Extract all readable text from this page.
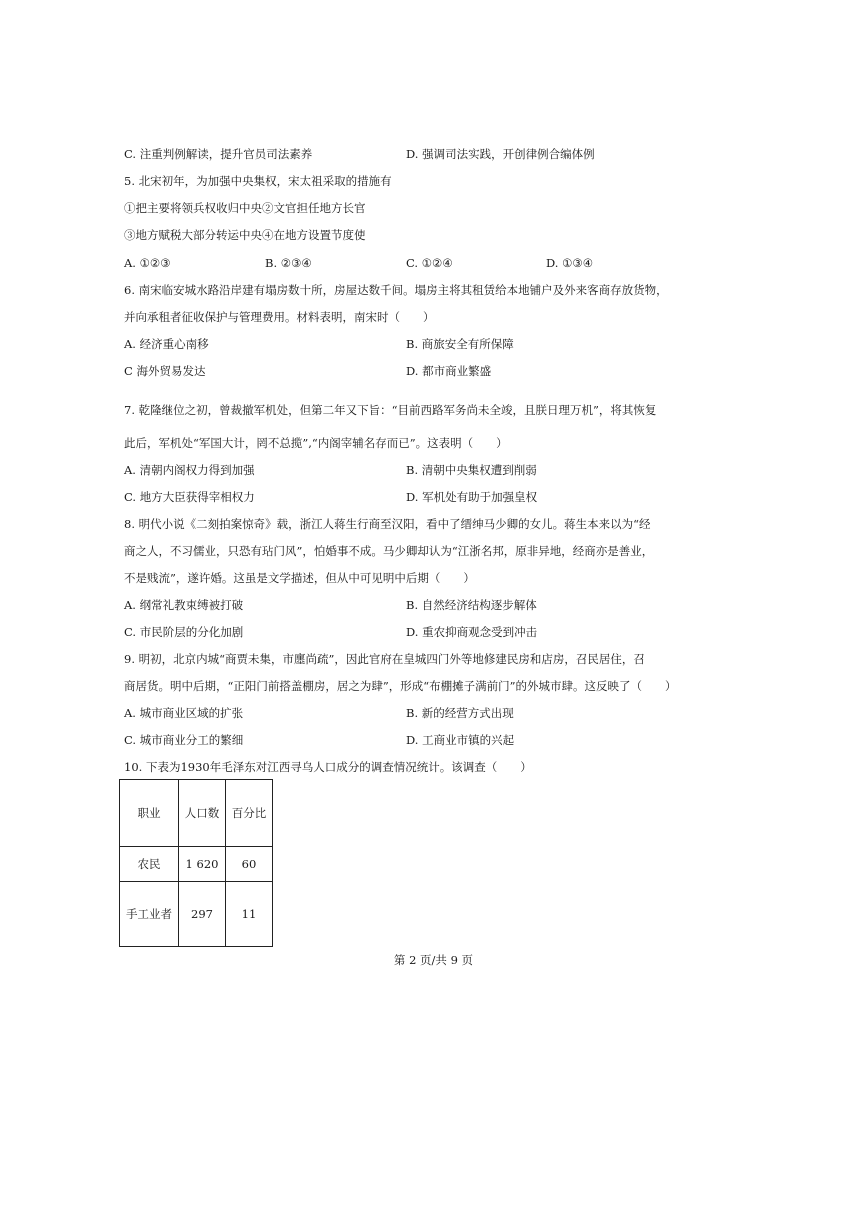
C. 注重判例解读，提升官员司法素养	D. 强调司法实践，开创律例合编体例
5. 北宋初年，为加强中央集权，宋太祖采取的措施有
①把主要将领兵权收归中央②文官担任地方长官
③地方赋税大部分转运中央④在地方设置节度使
A. ①②③	B. ②③④	C. ①②④	D. ①③④
6. 南宋临安城水路沿岸建有塌房数十所，房屋达数千间。塌房主将其租赁给本地铺户及外来客商存放货物，
并向承租者征收保护与管理费用。材料表明，南宋时（　　）
A. 经济重心南移	B. 商旅安全有所保障
C 海外贸易发达	D. 都市商业繁盛
7. 乾隆继位之初，曾裁撤军机处，但第二年又下旨：“目前西路军务尚未全竣，且朕日理万机”，将其恢复
此后，军机处“军国大计，罔不总揽”,“内阁宰辅名存而已”。这表明（　　）
A. 清朝内阁权力得到加强	B. 清朝中央集权遭到削弱
C. 地方大臣获得宰相权力	D. 军机处有助于加强皇权
8. 明代小说《二刻拍案惊奇》载，浙江人蒋生行商至汉阳，看中了缙绅马少卿的女儿。蒋生本来以为“经
商之人，不习儒业，只恐有玷门风”，怕婚事不成。马少卿却认为“江浙名邦，原非异地，经商亦是善业，
不是贱流”，遂许婚。这虽是文学描述，但从中可见明中后期（　　）
A. 纲常礼教束缚被打破	B. 自然经济结构逐步解体
C. 市民阶层的分化加剧	D. 重农抑商观念受到冲击
9. 明初，北京内城“商贾未集，市廛尚疏”，因此官府在皇城四门外等地修建民房和店房，召民居住，召
商居货。明中后期，“正阳门前搭盖棚房，居之为肆”，形成“布棚摊子满前门”的外城市肆。这反映了（　　）
A. 城市商业区域的扩张	B. 新的经营方式出现
C. 城市商业分工的繁细	D. 工商业市镇的兴起
10. 下表为1930年毛泽东对江西寻乌人口成分的调查情况统计。该调查（　　）
职业	人口数	百分比

农民	1 620	60

手工业者	297	11
第 2 页/共 9 页
